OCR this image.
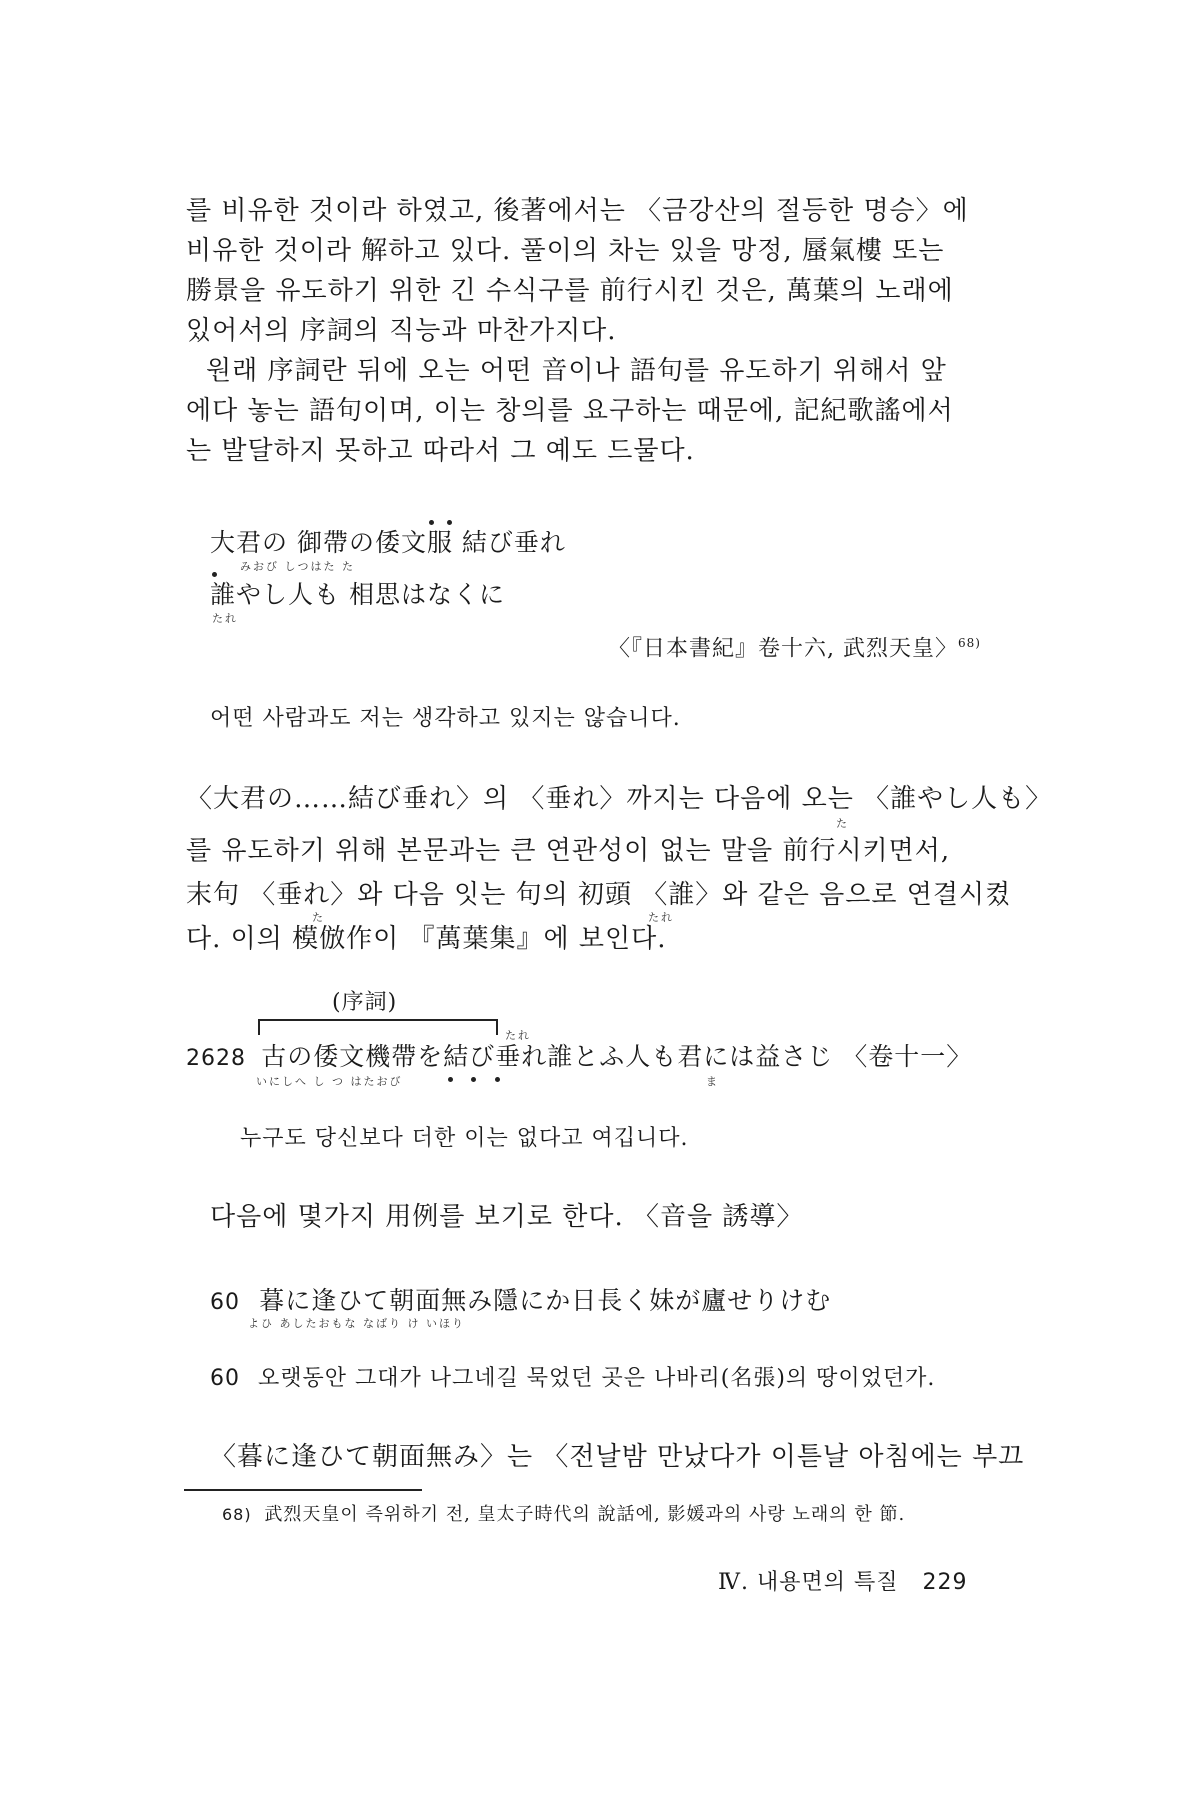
를 비유한 것이라 하였고, 後著에서는 〈금강산의 절등한 명승〉에
비유한 것이라 解하고 있다. 풀이의 차는 있을 망정, 蜃氣樓 또는
勝景을 유도하기 위한 긴 수식구를 前行시킨 것은, 萬葉의 노래에
있어서의 序詞의 직능과 마찬가지다.
원래 序詞란 뒤에 오는 어떤 音이나 語句를 유도하기 위해서 앞
에다 놓는 語句이며, 이는 창의를 요구하는 때문에, 記紀歌謠에서
는 발달하지 못하고 따라서 그 예도 드물다.
大君の 御帶の倭文服 結び垂れ
みおび しつはた た
誰やし人も 相思はなくに
たれ
〈『日本書紀』卷十六, 武烈天皇〉$^{68)}$
어떤 사람과도 저는 생각하고 있지는 않습니다.
〈大君の……結び垂れ〉의 〈垂れ〉까지는 다음에 오는 〈誰やし人も〉
를 유도하기 위해 본문과는 큰 연관성이 없는 말을 前行시키면서,
た
末句 〈垂れ〉와 다음 잇는 句의 初頭 〈誰〉와 같은 음으로 연결시켰
た	たれ
다. 이의 模倣作이 『萬葉集』에 보인다.
(序詞)
たれ
2628 古の倭文機帶を結び垂れ誰とふ人も君には益さじ 〈卷十一〉
いにしへ し つ はたおび	ま
누구도 당신보다 더한 이는 없다고 여깁니다.
다음에 몇가지 用例를 보기로 한다. 〈音을 誘導〉
60 暮に逢ひて朝面無み隱にか日長く妹が廬せりけむ
よひ あしたおもな なばり け いほり
60 오랫동안 그대가 나그네길 묵었던 곳은 나바리(名張)의 땅이었던가.
〈暮に逢ひて朝面無み〉는 〈전날밤 만났다가 이튿날 아침에는 부끄
68) 武烈天皇이 즉위하기 전, 皇太子時代의 說話에, 影媛과의 사랑 노래의 한 節.
Ⅳ. 내용면의 특질 229
